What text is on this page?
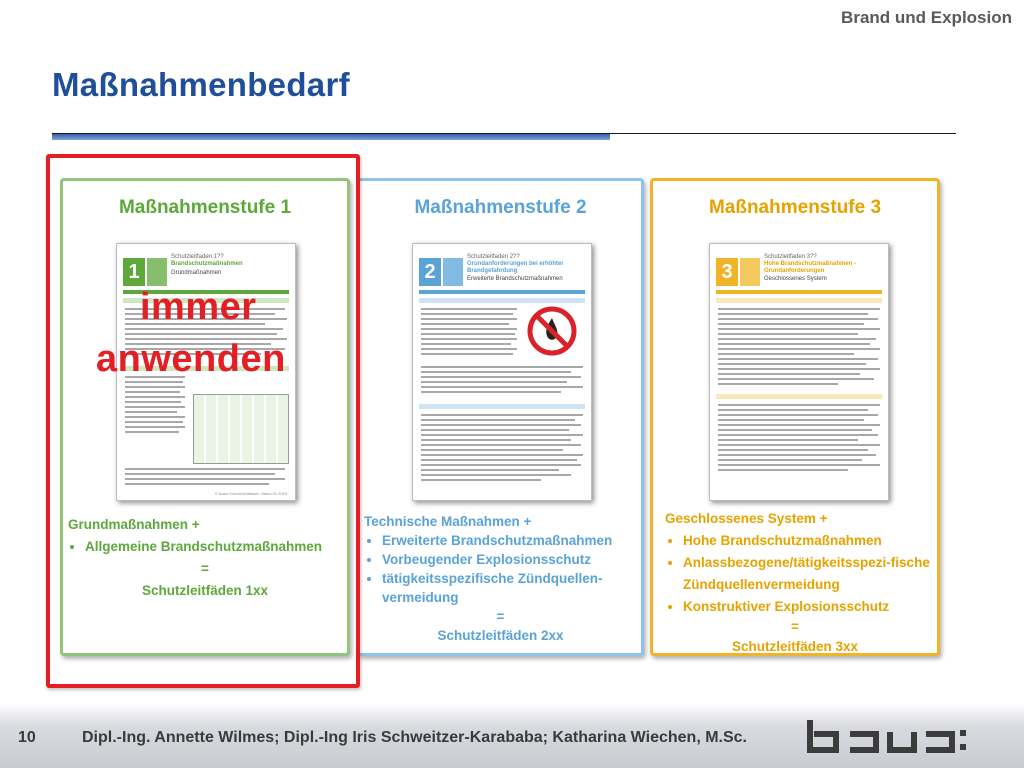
Brand und Explosion
Maßnahmenbedarf
Maßnahmenstufe 1
1
Schutzleitfaden 1??
Brandschutzmaßnahmen
Grundmaßnahmen
© Autor Komm/Verfasser, Stand 01.2019
Grundmaßnahmen +
• Allgemeine Brandschutzmaßnahmen
=
Schutzleitfäden 1xx
Maßnahmenstufe 2
2
Schutzleitfaden 2??
Grundanforderungen bei erhöhter Brandgefahrdung
Erweiterte Brandschutzmaßnahmen
Technische Maßnahmen +
• Erweiterte Brandschutzmaßnahmen
• Vorbeugender Explosionsschutz
• tätigkeitsspezifische Zündquellen-vermeidung
=
Schutzleitfäden 2xx
Maßnahmenstufe 3
3
Schutzleitfaden 3??
Hohe Brandschutzmaßnahmen - Grundanforderungen
Geschlossenes System
Geschlossenes System +
• Hohe Brandschutzmaßnahmen
• Anlassbezogene/tätigkeitsspezi-fische Zündquellenvermeidung
• Konstruktiver Explosionsschutz
=
Schutzleitfäden 3xx
immer
anwenden
10	Dipl.-Ing. Annette Wilmes; Dipl.-Ing Iris Schweitzer-Karababa; Katharina Wiechen, M.Sc.
